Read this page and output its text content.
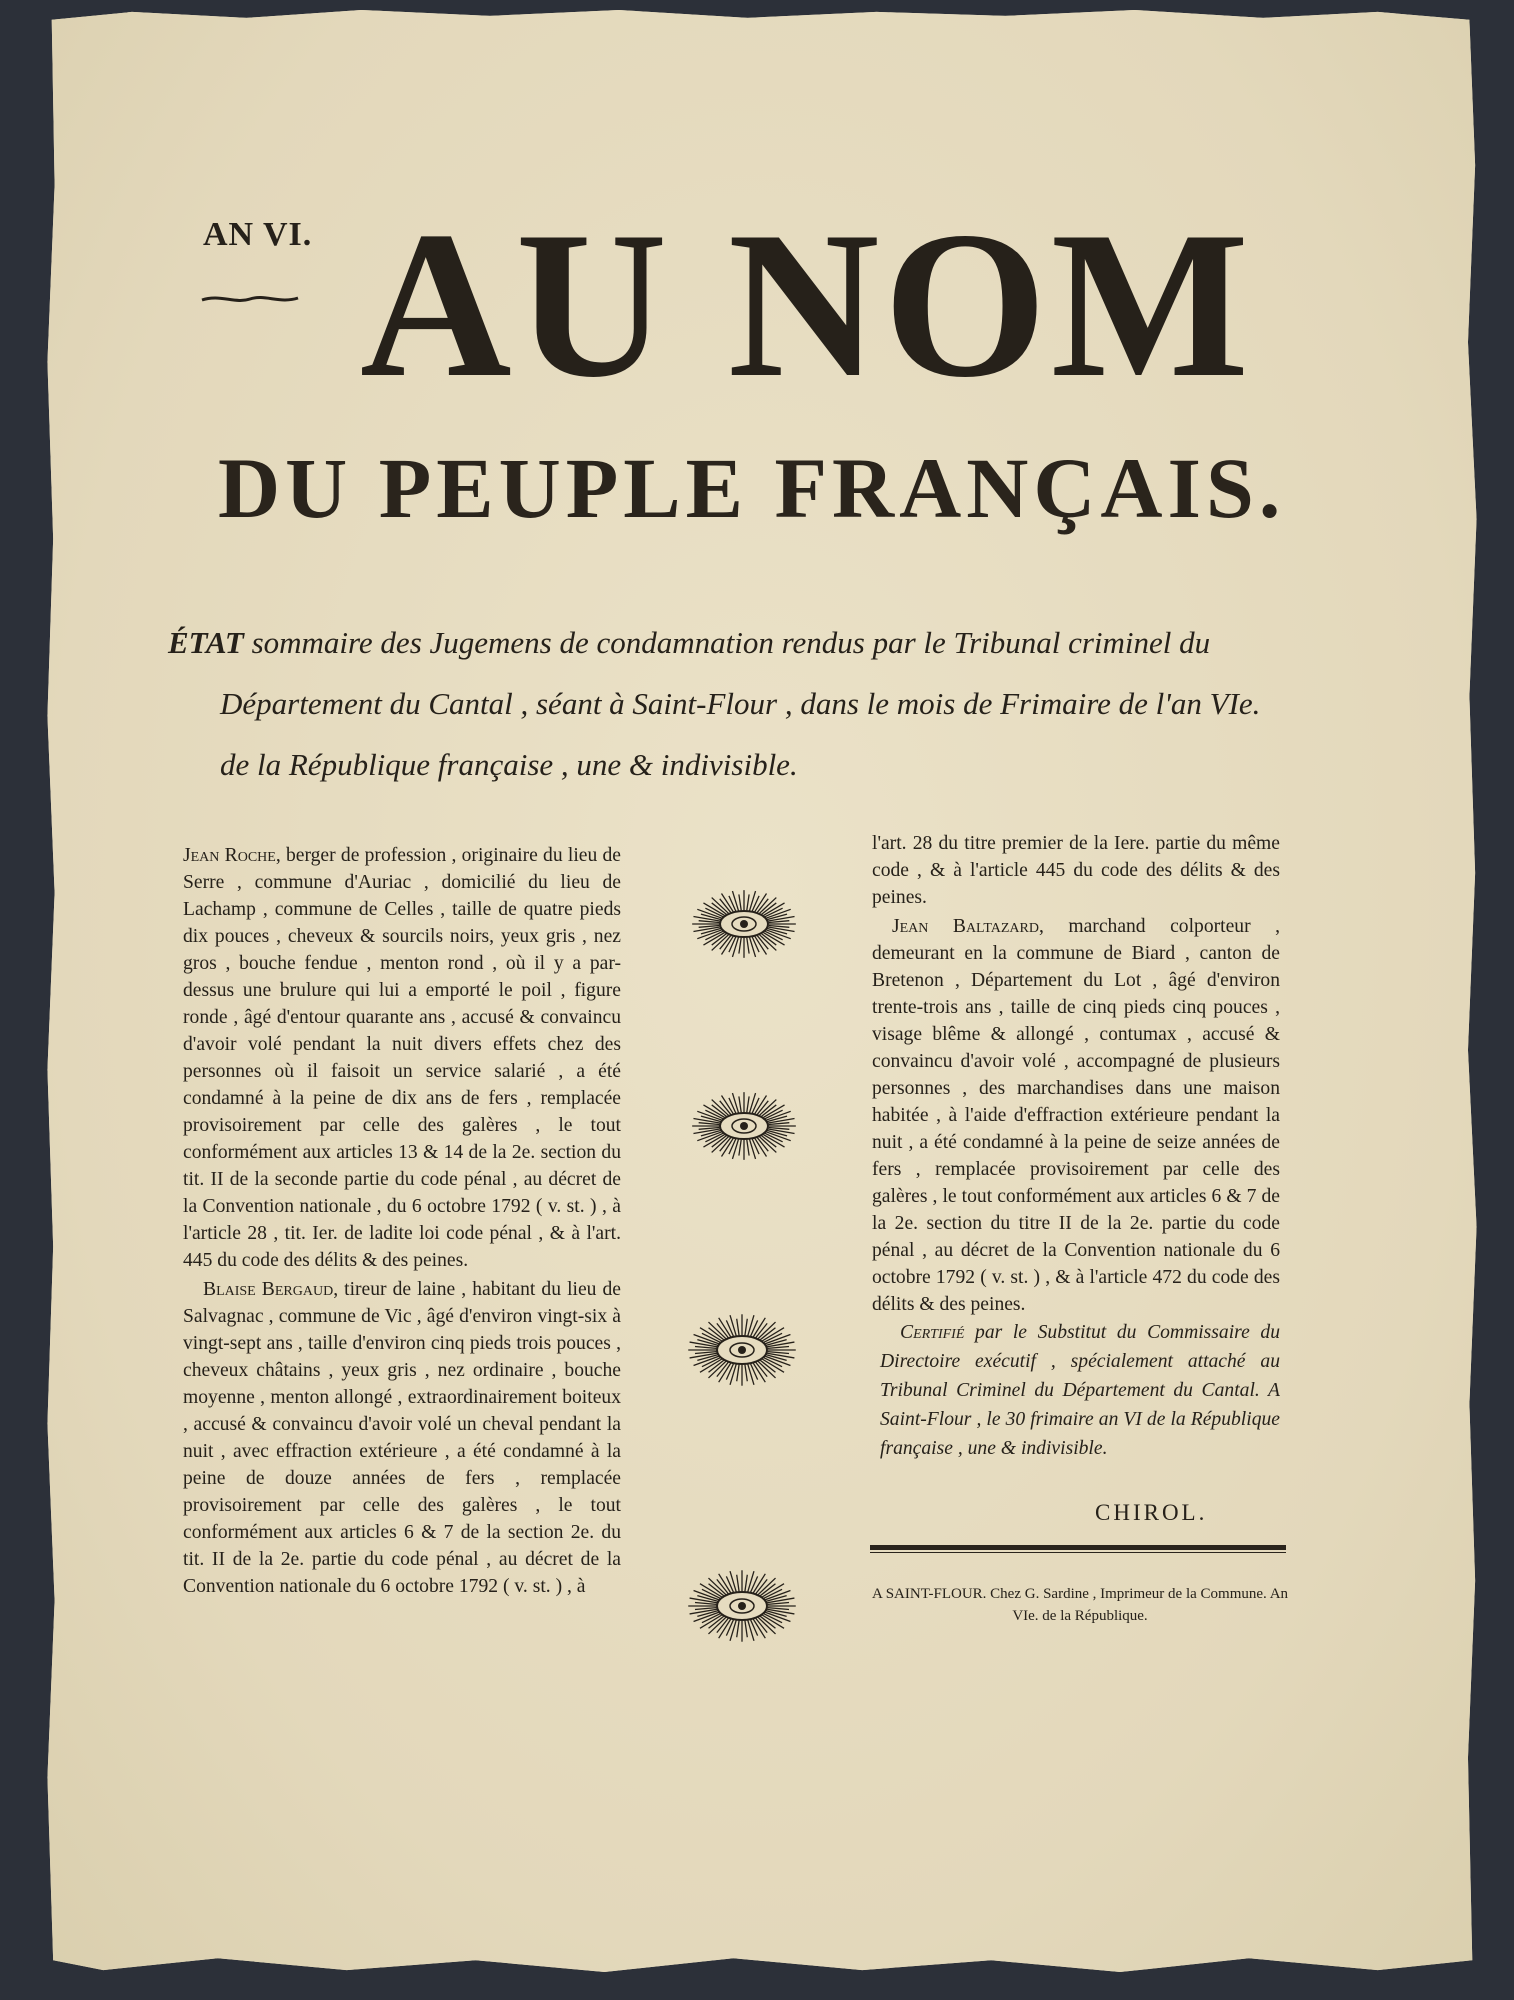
AN VI. AU NOM
DU PEUPLE FRANÇAIS.
ÉTAT sommaire des Jugemens de condamnation rendus par le Tribunal criminel du
Département du Cantal , séant à Saint-Flour , dans le mois de Frimaire de l'an VIe.
de la République française , une & indivisible.

Jean Roche, berger de profession , originaire du lieu de Serre , commune d'Auriac , domicilié du lieu de Lachamp , commune de Celles , taille de quatre pieds dix pouces , cheveux & sourcils noirs, yeux gris , nez gros , bouche fendue , menton rond , où il y a par-dessus une brulure qui lui a emporté le poil , figure ronde , âgé d'entour quarante ans , accusé & convaincu d'avoir volé pendant la nuit divers effets chez des personnes où il faisoit un service salarié , a été condamné à la peine de dix ans de fers , remplacée provisoirement par celle des galères , le tout conformément aux articles 13 & 14 de la 2e. section du tit. II de la seconde partie du code pénal , au décret de la Convention nationale , du 6 octobre 1792 ( v. st. ) , à l'article 28 , tit. Ier. de ladite loi code pénal , & à l'art. 445 du code des délits & des peines.

Blaise Bergaud, tireur de laine , habitant du lieu de Salvagnac , commune de Vic , âgé d'environ vingt-six à vingt-sept ans , taille d'environ cinq pieds trois pouces , cheveux châtains , yeux gris , nez ordinaire , bouche moyenne , menton allongé , extraordinairement boiteux , accusé & convaincu d'avoir volé un cheval pendant la nuit , avec effraction extérieure , a été condamné à la peine de douze années de fers , remplacée provisoirement par celle des galères , le tout conformément aux articles 6 & 7 de la section 2e. du tit. II de la 2e. partie du code pénal , au décret de la Convention nationale du 6 octobre 1792 ( v. st. ) , à

l'art. 28 du titre premier de la Iere. partie du même code , & à l'article 445 du code des délits & des peines.

Jean Baltazard, marchand colporteur , demeurant en la commune de Biard , canton de Bretenon , Département du Lot , âgé d'environ trente-trois ans , taille de cinq pieds cinq pouces , visage blême & allongé , contumax , accusé & convaincu d'avoir volé , accompagné de plusieurs personnes , des marchandises dans une maison habitée , à l'aide d'effraction extérieure pendant la nuit , a été condamné à la peine de seize années de fers , remplacée provisoirement par celle des galères , le tout conformément aux articles 6 & 7 de la 2e. section du titre II de la 2e. partie du code pénal , au décret de la Convention nationale du 6 octobre 1792 ( v. st. ) , & à l'article 472 du code des délits & des peines.

Certifié par le Substitut du Commissaire du Directoire exécutif , spécialement attaché au Tribunal Criminel du Département du Cantal. A Saint-Flour , le 30 frimaire an VI de la République française , une & indivisible.

CHIROL.
A SAINT-FLOUR. Chez G. Sardine , Imprimeur de la Commune. An VIe. de la République.
